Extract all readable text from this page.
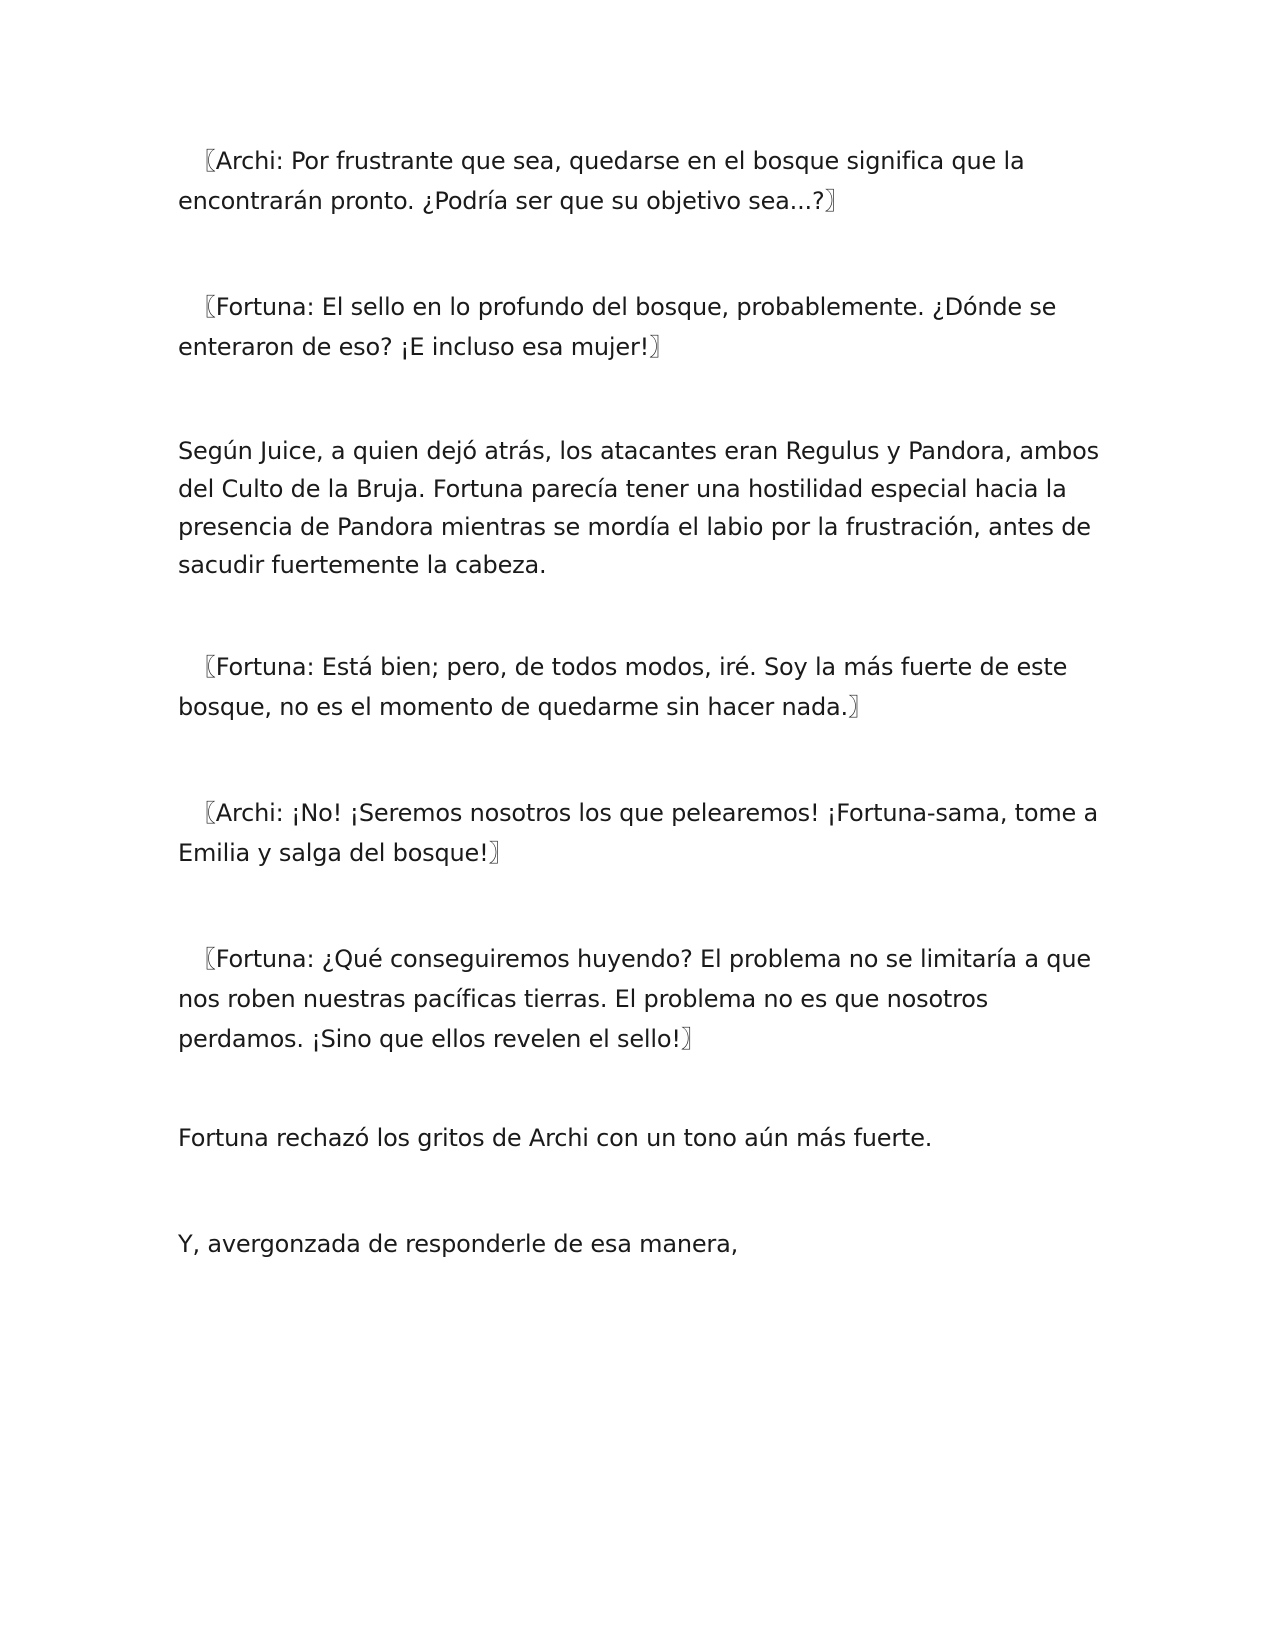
〖Archi: Por frustrante que sea, quedarse en el bosque significa que la
encontrarán pronto. ¿Podría ser que su objetivo sea...?〗

〖Fortuna: El sello en lo profundo del bosque, probablemente. ¿Dónde se
enteraron de eso? ¡E incluso esa mujer!〗

Según Juice, a quien dejó atrás, los atacantes eran Regulus y Pandora, ambos
del Culto de la Bruja. Fortuna parecía tener una hostilidad especial hacia la
presencia de Pandora mientras se mordía el labio por la frustración, antes de
sacudir fuertemente la cabeza.

〖Fortuna: Está bien; pero, de todos modos, iré. Soy la más fuerte de este
bosque, no es el momento de quedarme sin hacer nada.〗

〖Archi: ¡No! ¡Seremos nosotros los que pelearemos! ¡Fortuna-sama, tome a
Emilia y salga del bosque!〗

〖Fortuna: ¿Qué conseguiremos huyendo? El problema no se limitaría a que
nos roben nuestras pacíficas tierras. El problema no es que nosotros
perdamos. ¡Sino que ellos revelen el sello!〗

Fortuna rechazó los gritos de Archi con un tono aún más fuerte.

Y, avergonzada de responderle de esa manera,
